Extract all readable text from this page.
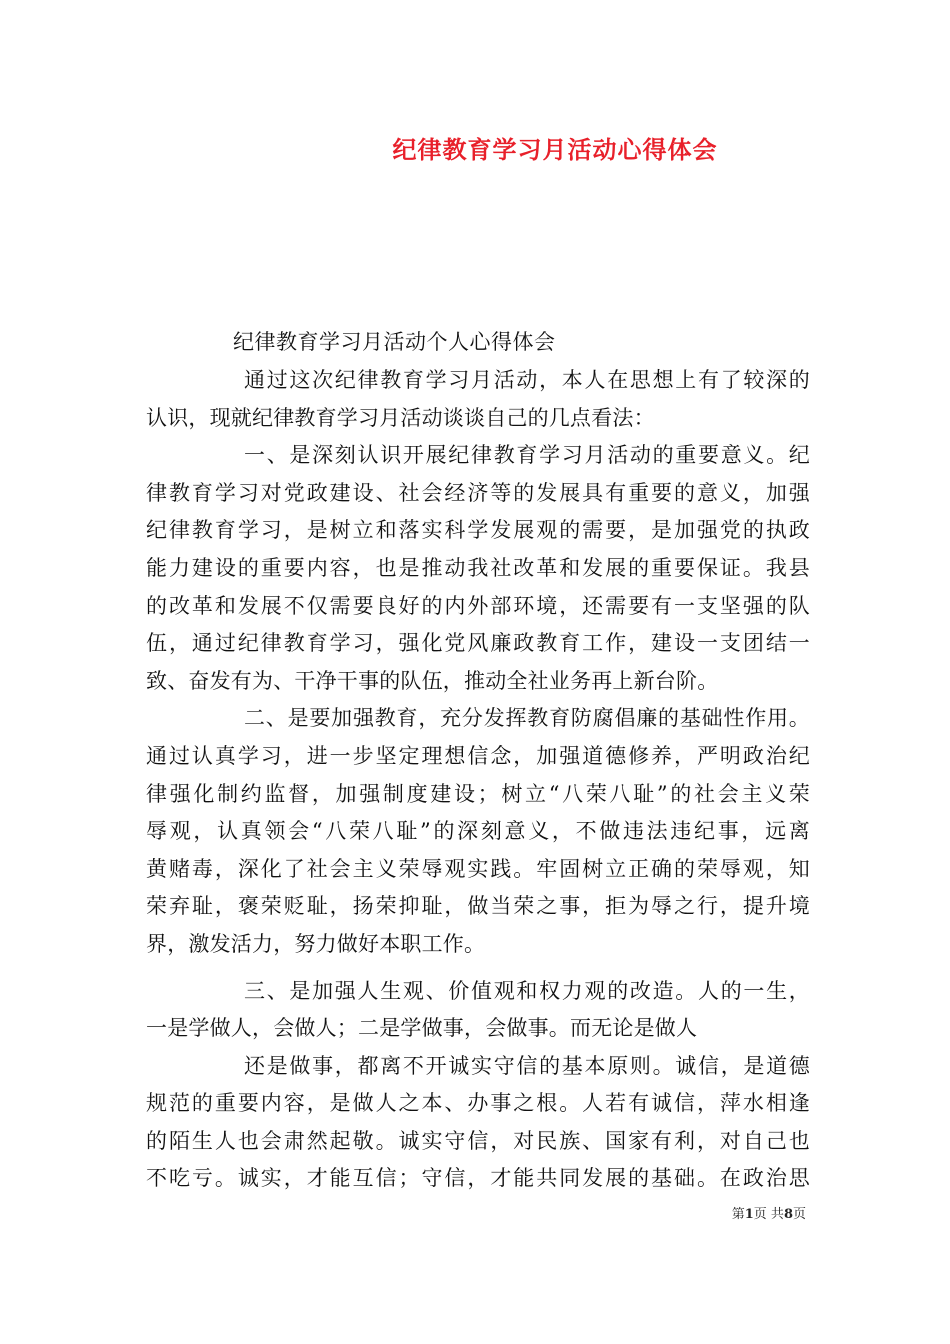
纪律教育学习月活动心得体会
纪律教育学习月活动个人心得体会
通过这次纪律教育学习月活动，本人在思想上有了较深的
认识，现就纪律教育学习月活动谈谈自己的几点看法：
一、是深刻认识开展纪律教育学习月活动的重要意义。纪
律教育学习对党政建设、社会经济等的发展具有重要的意义，加强
纪律教育学习，是树立和落实科学发展观的需要，是加强党的执政
能力建设的重要内容，也是推动我社改革和发展的重要保证。我县
的改革和发展不仅需要良好的内外部环境，还需要有一支坚强的队
伍，通过纪律教育学习，强化党风廉政教育工作，建设一支团结一
致、奋发有为、干净干事的队伍，推动全社业务再上新台阶。
二、是要加强教育，充分发挥教育防腐倡廉的基础性作用。
通过认真学习，进一步坚定理想信念，加强道德修养，严明政治纪
律强化制约监督，加强制度建设；树立“八荣八耻”的社会主义荣
辱观，认真领会“八荣八耻”的深刻意义，不做违法违纪事，远离
黄赌毒，深化了社会主义荣辱观实践。牢固树立正确的荣辱观，知
荣弃耻，褒荣贬耻，扬荣抑耻，做当荣之事，拒为辱之行，提升境
界，激发活力，努力做好本职工作。
三、是加强人生观、价值观和权力观的改造。人的一生，
一是学做人，会做人；二是学做事，会做事。而无论是做人
还是做事，都离不开诚实守信的基本原则。诚信，是道德
规范的重要内容，是做人之本、办事之根。人若有诚信，萍水相逢
的陌生人也会肃然起敬。诚实守信，对民族、国家有利，对自己也
不吃亏。诚实，才能互信；守信，才能共同发展的基础。在政治思
第1页 共8页
